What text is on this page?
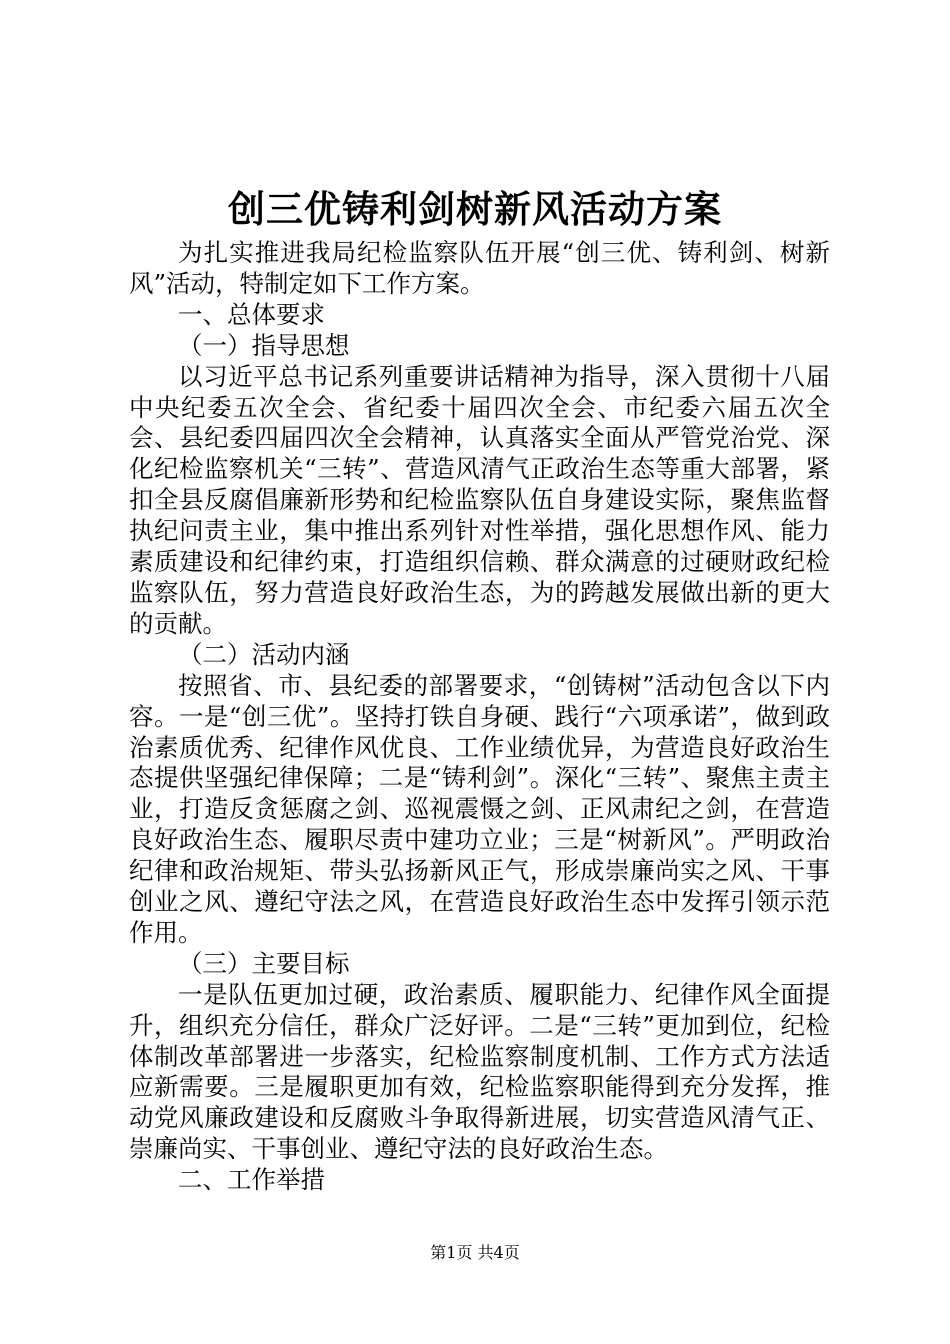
创三优铸利剑树新风活动方案

为扎实推进我局纪检监察队伍开展“创三优、铸利剑、树新风”活动，特制定如下工作方案。

一、总体要求

（一）指导思想

以习近平总书记系列重要讲话精神为指导，深入贯彻十八届中央纪委五次全会、省纪委十届四次全会、市纪委六届五次全会、县纪委四届四次全会精神，认真落实全面从严管党治党、深化纪检监察机关“三转”、营造风清气正政治生态等重大部署，紧扣全县反腐倡廉新形势和纪检监察队伍自身建设实际，聚焦监督执纪问责主业，集中推出系列针对性举措，强化思想作风、能力素质建设和纪律约束，打造组织信赖、群众满意的过硬财政纪检监察队伍，努力营造良好政治生态，为的跨越发展做出新的更大的贡献。

（二）活动内涵

按照省、市、县纪委的部署要求，“创铸树”活动包含以下内容。一是“创三优”。坚持打铁自身硬、践行“六项承诺”，做到政治素质优秀、纪律作风优良、工作业绩优异，为营造良好政治生态提供坚强纪律保障；二是“铸利剑”。深化“三转”、聚焦主责主业，打造反贪惩腐之剑、巡视震慑之剑、正风肃纪之剑，在营造良好政治生态、履职尽责中建功立业；三是“树新风”。严明政治纪律和政治规矩、带头弘扬新风正气，形成崇廉尚实之风、干事创业之风、遵纪守法之风，在营造良好政治生态中发挥引领示范作用。

（三）主要目标

一是队伍更加过硬，政治素质、履职能力、纪律作风全面提升，组织充分信任，群众广泛好评。二是“三转”更加到位，纪检体制改革部署进一步落实，纪检监察制度机制、工作方式方法适应新需要。三是履职更加有效，纪检监察职能得到充分发挥，推动党风廉政建设和反腐败斗争取得新进展，切实营造风清气正、崇廉尚实、干事创业、遵纪守法的良好政治生态。

二、工作举措

第1页 共4页
